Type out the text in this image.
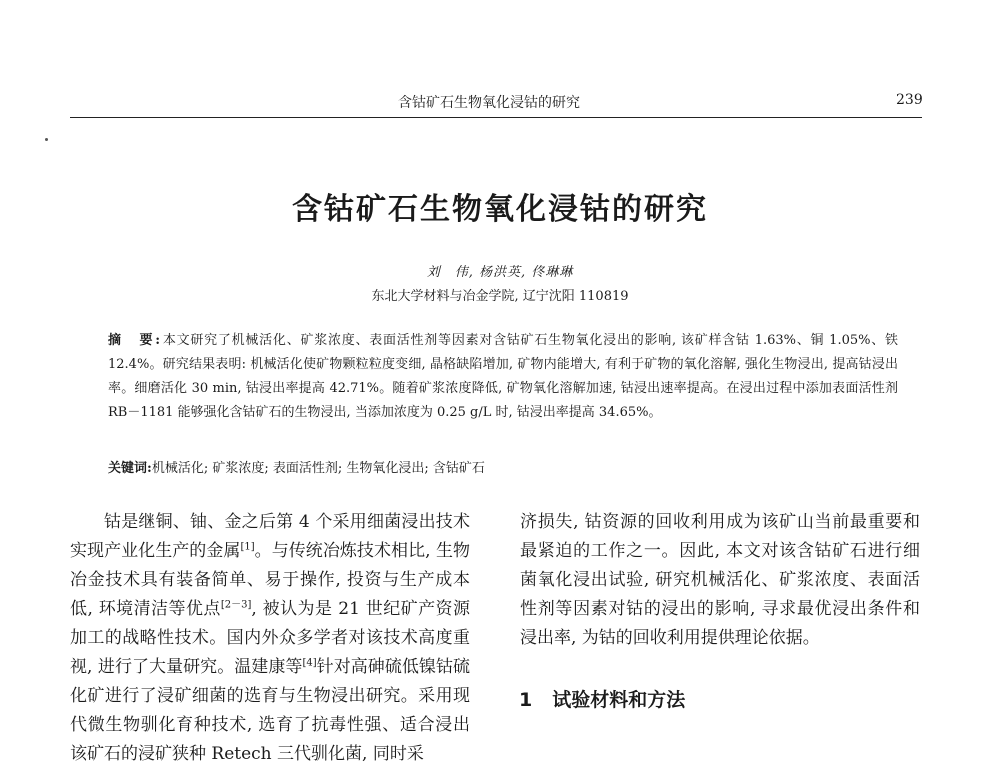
含钴矿石生物氧化浸钴的研究	239
含钴矿石生物氧化浸钴的研究
刘　伟, 杨洪英, 佟琳琳
东北大学材料与冶金学院, 辽宁沈阳 110819
摘　要:本文研究了机械活化、矿浆浓度、表面活性剂等因素对含钴矿石生物氧化浸出的影响, 该矿样含钴 1.63%、铜 1.05%、铁 12.4%。研究结果表明: 机械活化使矿物颗粒粒度变细, 晶格缺陷增加, 矿物内能增大, 有利于矿物的氧化溶解, 强化生物浸出, 提高钴浸出率。细磨活化 30 min, 钴浸出率提高 42.71%。随着矿浆浓度降低, 矿物氧化溶解加速, 钴浸出速率提高。在浸出过程中添加表面活性剂 RB－1181 能够强化含钴矿石的生物浸出, 当添加浓度为 0.25 g/L 时, 钴浸出率提高 34.65%。
关键词:机械活化; 矿浆浓度; 表面活性剂; 生物氧化浸出; 含钴矿石

钴是继铜、铀、金之后第 4 个采用细菌浸出技术实现产业化生产的金属[1]。与传统冶炼技术相比, 生物冶金技术具有装备简单、易于操作, 投资与生产成本低, 环境清洁等优点[2－3], 被认为是 21 世纪矿产资源加工的战略性技术。国内外众多学者对该技术高度重视, 进行了大量研究。温建康等[4]针对高砷硫低镍钴硫化矿进行了浸矿细菌的选育与生物浸出研究。采用现代微生物驯化育种技术, 选育了抗毒性强、适合浸出该矿石的浸矿狭种 Retech 三代驯化菌, 同时采

济损失, 钴资源的回收利用成为该矿山当前最重要和最紧迫的工作之一。因此, 本文对该含钴矿石进行细菌氧化浸出试验, 研究机械活化、矿浆浓度、表面活性剂等因素对钴的浸出的影响, 寻求最优浸出条件和浸出率, 为钴的回收利用提供理论依据。

1 试验材料和方法
